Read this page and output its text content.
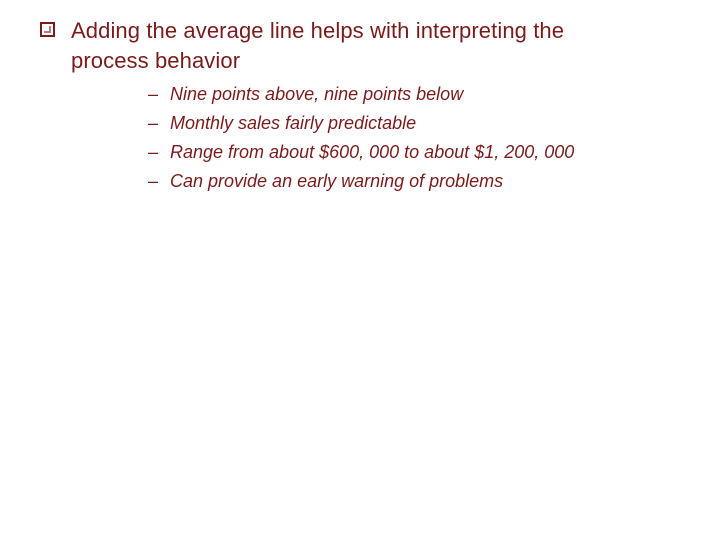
Adding the average line helps with interpreting the
process behavior
– Nine points above, nine points below
– Monthly sales fairly predictable
– Range from about $600, 000 to about $1, 200, 000
– Can provide an early warning of problems
